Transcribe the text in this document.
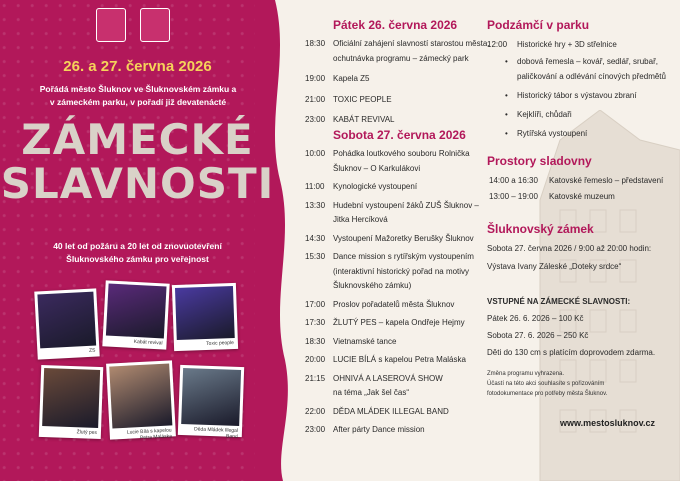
26. a 27. června 2026
Pořádá město Šluknov ve Šluknovském zámku a
v zámeckém parku, v pořadí již devatenácté
ZÁMECKÉ
SLAVNOSTI
40 let od požáru a 20 let od znovuotevření
Šluknovského zámku pro veřejnost
ZS
Kabát revival	Toxic people
Žlutý pes	Lucie Bílá s kapelou Petra Maláska
Děda Mládek Illegal Band
Pátek 26. června 2026
18:30 Oficiální zahájení slavností starostou města,
ochutnávka programu – zámecký park
19:00 Kapela Z5
21:00 TOXIC PEOPLE
23:00 KABÁT REVIVAL
Sobota 27. června 2026
10:00 Pohádka loutkového souboru Rolnička
Šluknov – O Karkulákovi
11:00	Kynologické vystoupení
13:30 Hudební vystoupení žáků ZUŠ Šluknov –
Jitka Hercíková
14:30 Vystoupení Mažoretky Berušky Šluknov
15:30 Dance mission s rytířským vystoupením
(interaktivní historický pořad na motivy
Šluknovského zámku)
17:00 Proslov pořadatelů města Šluknov
17:30 ŽLUTÝ PES – kapela Ondřeje Hejmy
18:30 Vietnamské tance
20:00 LUCIE BÍLÁ s kapelou Petra Maláska
21:15 OHNIVÁ A LASEROVÁ SHOW
na téma „Jak šel čas“
22:00 DĚDA MLÁDEK ILLEGAL BAND
23:00 After párty Dance mission
Podzámčí v parku
12:00	Historické hry + 3D střelnice
• dobová řemesla – kovář, sedlář, srubař,
paličkování a odlévání cínových předmětů
• Historický tábor s výstavou zbraní
• Kejklíři, chůdaři
• Rytířská vystoupení
Prostory sladovny
14:00 a 16:30	Katovské řemeslo – představení
13:00 – 19:00	Katovské muzeum
Šluknovský zámek
Sobota 27. června 2026 / 9:00 až 20:00 hodin:
Výstava Ivany Záleské „Doteky srdce“
VSTUPNÉ NA ZÁMECKÉ SLAVNOSTI:
Pátek 26. 6. 2026 – 100 Kč
Sobota 27. 6. 2026 – 250 Kč
Děti do 130 cm s platícím doprovodem zdarma.
Změna programu vyhrazena.
Účastí na této akci souhlasíte s pořizováním
fotodokumentace pro potřeby města Šluknov.
www.mestosluknov.cz
